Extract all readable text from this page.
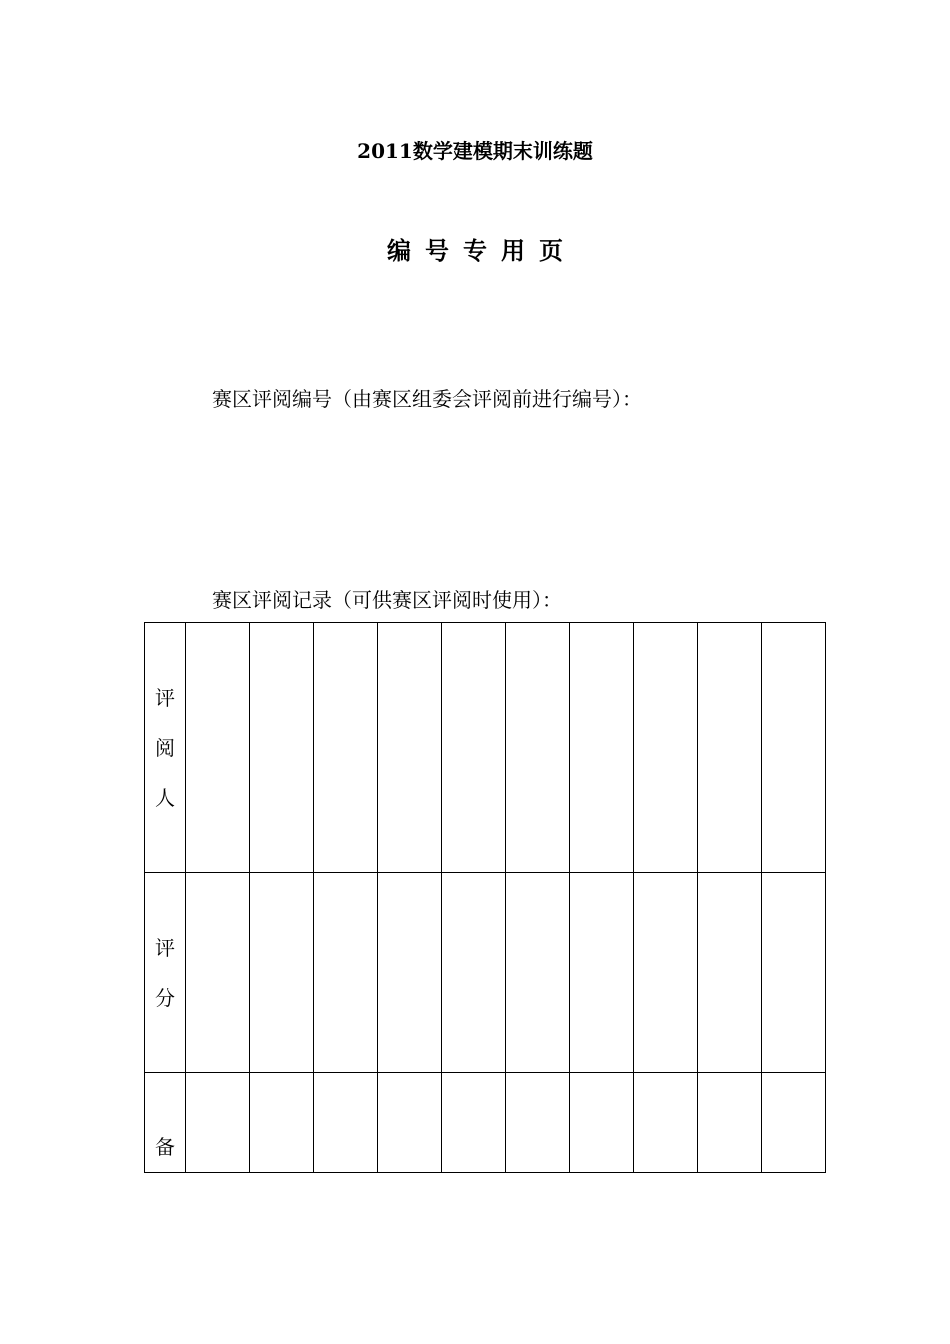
2011数学建模期末训练题
编号专用页
赛区评阅编号（由赛区组委会评阅前进行编号）：
赛区评阅记录（可供赛区评阅时使用）：
评阅人										
评分										
备										
